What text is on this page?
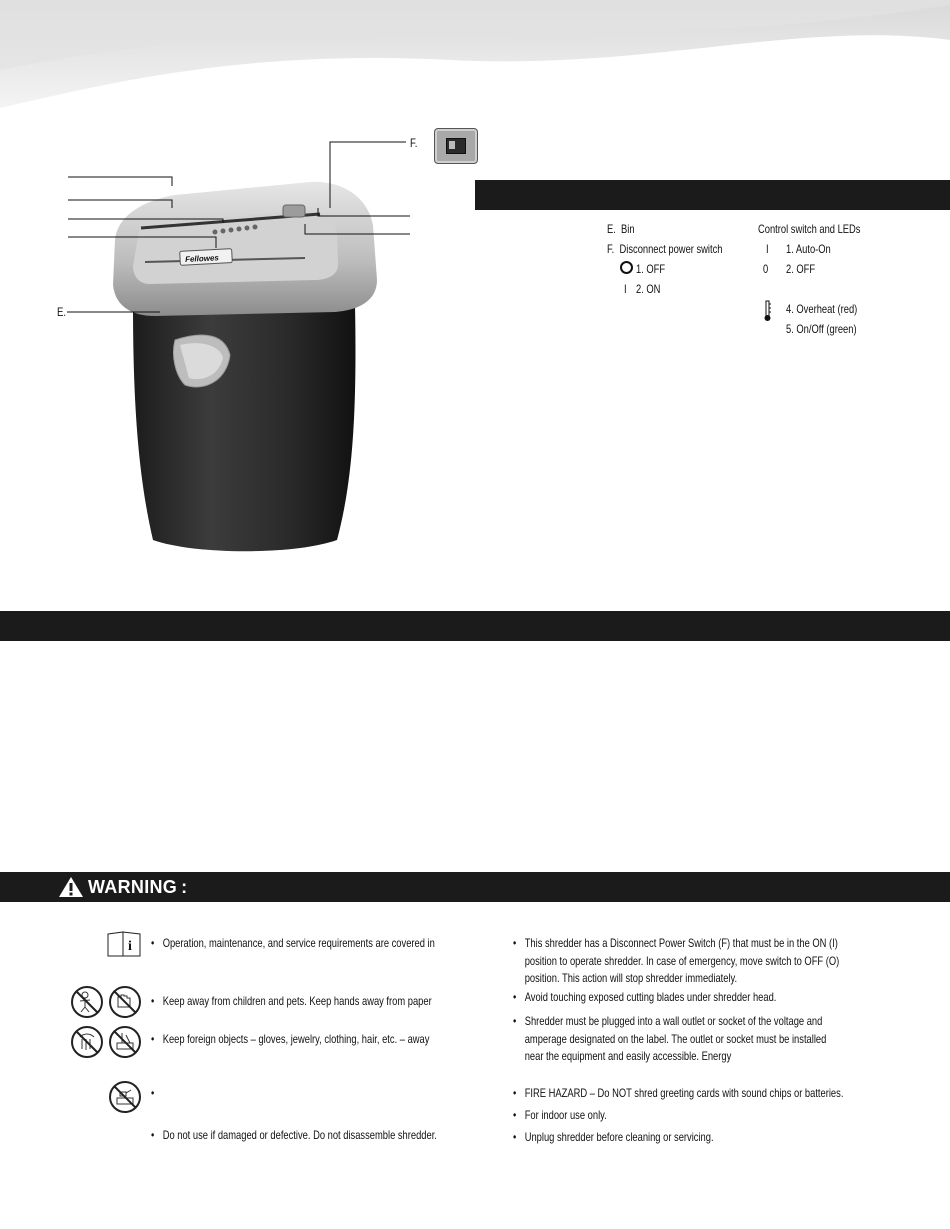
Fellowes
F.
E.
WARNING :
E. Bin
F. Disconnect power switch
1. OFF
I 2. ON
Control switch and LEDs
I 1. Auto-On
0 2. OFF
4. Overheat (red)
5. On/Off (green)
i • Operation, maintenance, and service requirements are covered in
• Keep away from children and pets. Keep hands away from paper
• Keep foreign objects – gloves, jewelry, clothing, hair, etc. – away
•
• Do not use if damaged or defective. Do not disassemble shredder.
• This shredder has a Disconnect Power Switch (F) that must be in the ON (I)
position to operate shredder. In case of emergency, move switch to OFF (O)
position. This action will stop shredder immediately.
• Avoid touching exposed cutting blades under shredder head.
• Shredder must be plugged into a wall outlet or socket of the voltage and
amperage designated on the label. The outlet or socket must be installed
near the equipment and easily accessible. Energy
• FIRE HAZARD – Do NOT shred greeting cards with sound chips or batteries.
• For indoor use only.
• Unplug shredder before cleaning or servicing.
